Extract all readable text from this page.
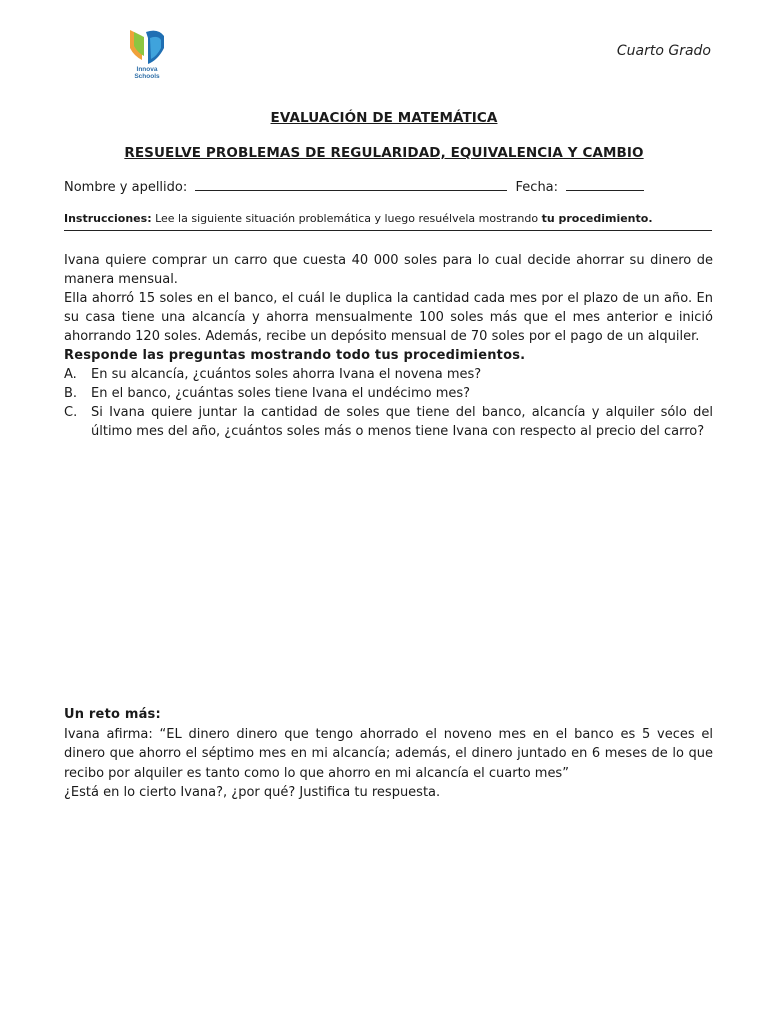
Innova
Schools
Cuarto Grado
EVALUACIÓN DE MATEMÁTICA
RESUELVE PROBLEMAS DE REGULARIDAD, EQUIVALENCIA Y CAMBIO
Nombre y apellido:	Fecha:
Instrucciones: Lee la siguiente situación problemática y luego resuélvela mostrando tu procedimiento.

Ivana quiere comprar un carro que cuesta 40 000 soles para lo cual decide ahorrar su dinero de manera mensual.

Ella ahorró 15 soles en el banco, el cuál le duplica la cantidad cada mes por el plazo de un año. En su casa tiene una alcancía y ahorra mensualmente 100 soles más que el mes anterior e inició ahorrando 120 soles. Además, recibe un depósito mensual de 70 soles por el pago de un alquiler.

Responde las preguntas mostrando todo tus procedimientos.

A. En su alcancía, ¿cuántos soles ahorra Ivana el novena mes?

B. En el banco, ¿cuántas soles tiene Ivana el undécimo mes?

C. Si Ivana quiere juntar la cantidad de soles que tiene del banco, alcancía y alquiler sólo del último mes del año, ¿cuántos soles más o menos tiene Ivana con respecto al precio del carro?

Un reto más:

Ivana afirma: “EL dinero dinero que tengo ahorrado el noveno mes en el banco es 5 veces el dinero que ahorro el séptimo mes en mi alcancía; además, el dinero juntado en 6 meses de lo que recibo por alquiler es tanto como lo que ahorro en mi alcancía el cuarto mes”

¿Está en lo cierto Ivana?, ¿por qué? Justifica tu respuesta.
